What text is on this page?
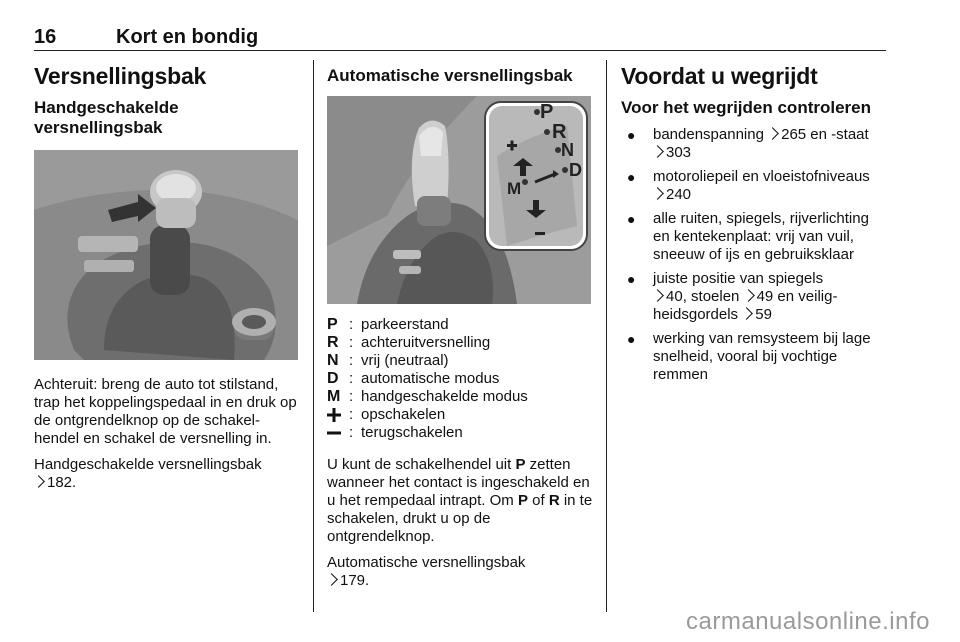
16	Kort en bondig
Versnellingsbak
Handgeschakelde
versnellingsbak

Achteruit: breng de auto tot stilstand, trap het koppelingspedaal in en druk op de ontgrendelknop op de schakelhendel en schakel de versnelling in.

Handgeschakelde versnellingsbak
182.

Automatische versnellingsbak
P
R
N
D
M
P : parkeerstand
R : achteruitversnelling
N : vrij (neutraal)
D : automatische modus
M : handgeschakelde modus
: opschakelen
: terugschakelen

U kunt de schakelhendel uit P zetten wanneer het contact is ingeschakeld en u het rempedaal intrapt. Om P of R in te schakelen, drukt u op de ontgrendelknop.

Automatische versnellingsbak
179.

Voordat u wegrijdt
Voor het wegrijden controleren
●	bandenspanning 265 en -staat 303
●	motoroliepeil en vloeistofniveaus 240
●	alle ruiten, spiegels, rijverlichting en kentekenplaat: vrij van vuil, sneeuw of ijs en gebruiksklaar
●	juiste positie van spiegels
40, stoelen 49 en veiligheidsgordels 59
●	werking van remsysteem bij lage snelheid, vooral bij vochtige remmen
carmanualsonline.info
